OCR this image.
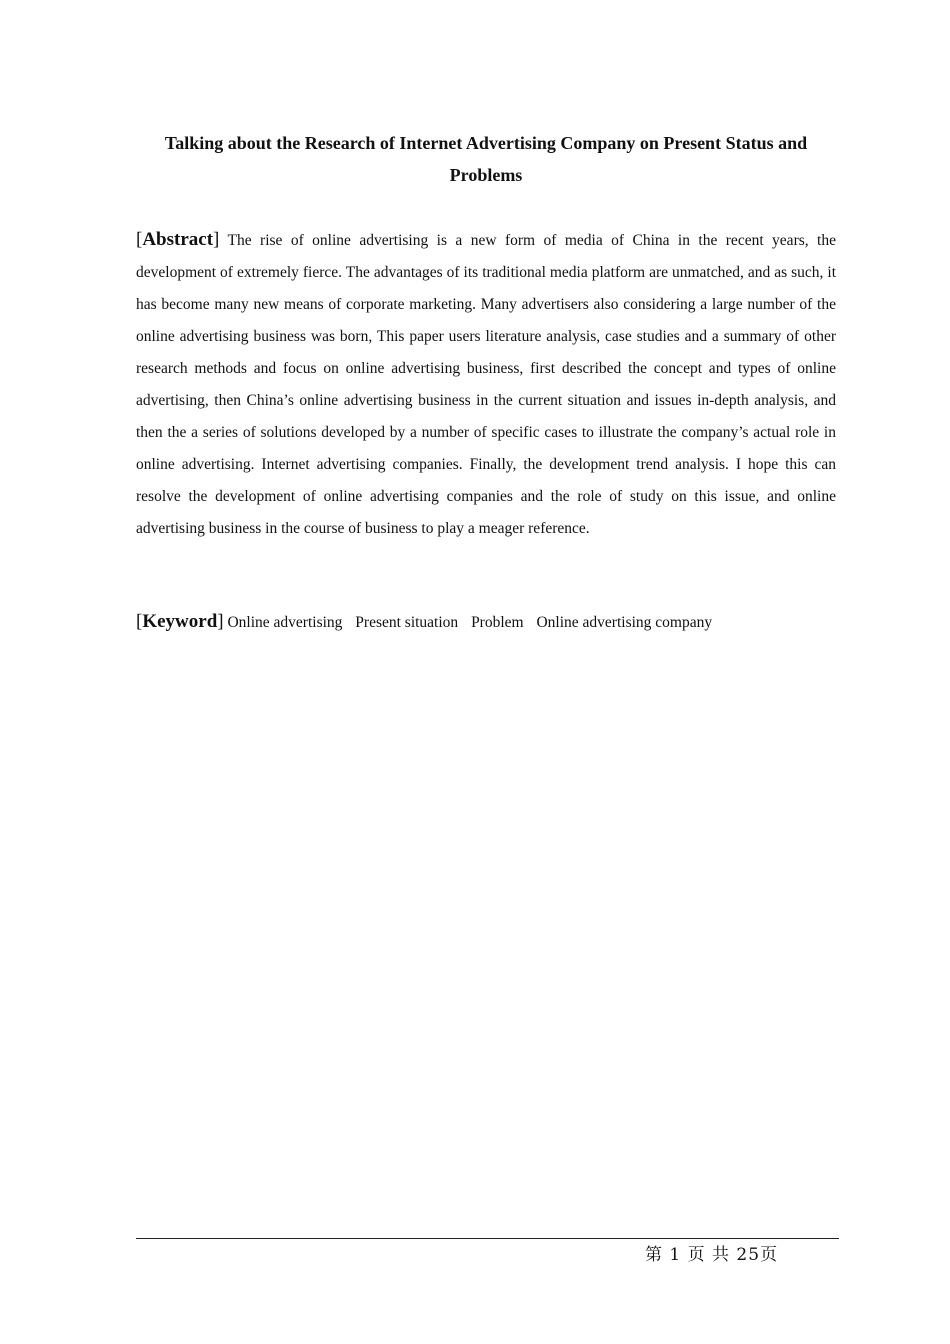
Talking about the Research of Internet Advertising Company on Present Status and Problems
[Abstract] The rise of online advertising is a new form of media of China in the recent years, the development of extremely fierce. The advantages of its traditional media platform are unmatched, and as such, it has become many new means of corporate marketing. Many advertisers also considering a large number of the online advertising business was born, This paper users literature analysis, case studies and a summary of other research methods and focus on online advertising business, first described the concept and types of online advertising, then China’s online advertising business in the current situation and issues in-depth analysis, and then the a series of solutions developed by a number of specific cases to illustrate the company’s actual role in online advertising. Internet advertising companies. Finally, the development trend analysis. I hope this can resolve the development of online advertising companies and the role of study on this issue, and online advertising business in the course of business to play a meager reference.
[Keyword] Online advertising Present situation Problem Online advertising company
第 1 页 共 25页
